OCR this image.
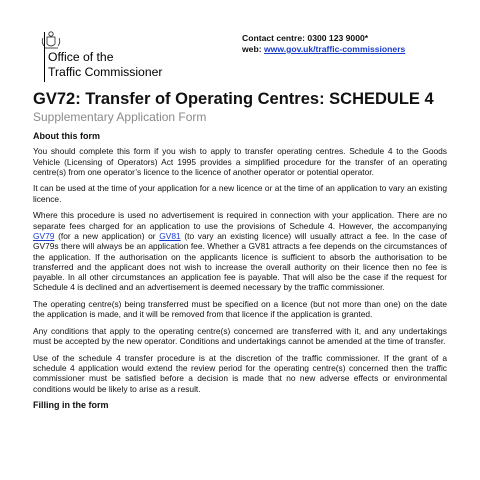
Office of the
Traffic Commissioner
Contact centre: 0300 123 9000*
web: www.gov.uk/traffic-commissioners
GV72: Transfer of Operating Centres: SCHEDULE 4
Supplementary Application Form
About this form

You should complete this form if you wish to apply to transfer operating centres. Schedule 4 to the Goods Vehicle (Licensing of Operators) Act 1995 provides a simplified procedure for the transfer of an operating centre(s) from one operator’s licence to the licence of another operator or potential operator.

It can be used at the time of your application for a new licence or at the time of an application to vary an existing licence.

Where this procedure is used no advertisement is required in connection with your application. There are no separate fees charged for an application to use the provisions of Schedule 4. However, the accompanying GV79 (for a new application) or GV81 (to vary an existing licence) will usually attract a fee. In the case of GV79s there will always be an application fee. Whether a GV81 attracts a fee depends on the circumstances of the application. If the authorisation on the applicants licence is sufficient to absorb the authorisation to be transferred and the applicant does not wish to increase the overall authority on their licence then no fee is payable. In all other circumstances an application fee is payable. That will also be the case if the request for Schedule 4 is declined and an advertisement is deemed necessary by the traffic commissioner.

The operating centre(s) being transferred must be specified on a licence (but not more than one) on the date the application is made, and it will be removed from that licence if the application is granted.

Any conditions that apply to the operating centre(s) concerned are transferred with it, and any undertakings must be accepted by the new operator. Conditions and undertakings cannot be amended at the time of transfer.

Use of the schedule 4 transfer procedure is at the discretion of the traffic commissioner. If the grant of a schedule 4 application would extend the review period for the operating centre(s) concerned then the traffic commissioner must be satisfied before a decision is made that no new adverse effects or environmental conditions would be likely to arise as a result.

Filling in the form
